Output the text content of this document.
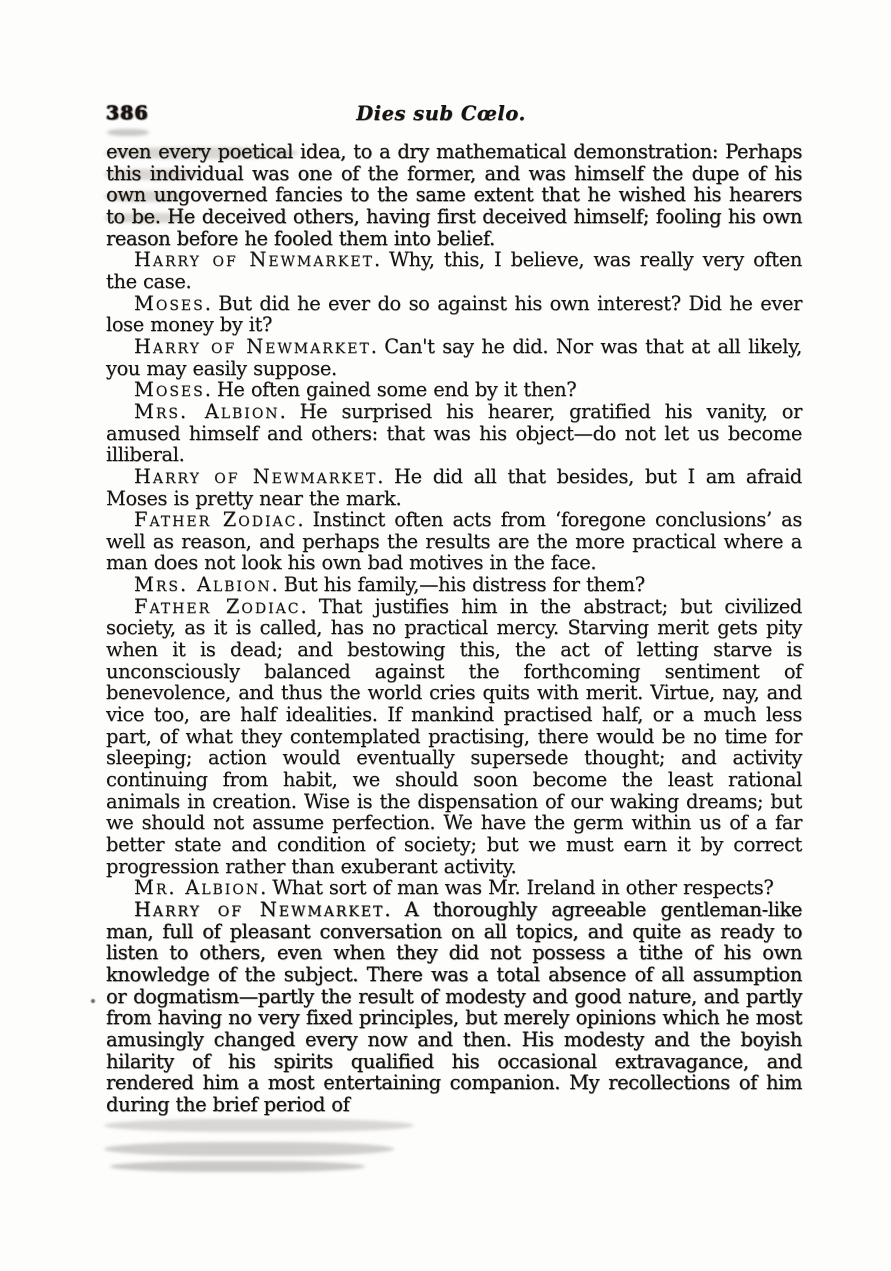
Dies sub Cœlo.
386

even every poetical idea, to a dry mathematical demonstration: Perhaps this individual was one of the former, and was himself the dupe of his own ungoverned fancies to the same extent that he wished his hearers to be. He deceived others, having first deceived himself; fooling his own reason before he fooled them into belief.

Harry of Newmarket. Why, this, I believe, was really very often the case.

Moses. But did he ever do so against his own interest? Did he ever lose money by it?

Harry of Newmarket. Can't say he did. Nor was that at all likely, you may easily suppose.

Moses. He often gained some end by it then?

Mrs. Albion. He surprised his hearer, gratified his vanity, or amused himself and others: that was his object—do not let us become illiberal.

Harry of Newmarket. He did all that besides, but I am afraid Moses is pretty near the mark.

Father Zodiac. Instinct often acts from ‘foregone conclusions’ as well as reason, and perhaps the results are the more practical where a man does not look his own bad motives in the face.

Mrs. Albion. But his family,—his distress for them?

Father Zodiac. That justifies him in the abstract; but civilized society, as it is called, has no practical mercy. Starving merit gets pity when it is dead; and bestowing this, the act of letting starve is unconsciously balanced against the forthcoming sentiment of benevolence, and thus the world cries quits with merit. Virtue, nay, and vice too, are half idealities. If mankind practised half, or a much less part, of what they contemplated practising, there would be no time for sleeping; action would eventually supersede thought; and activity continuing from habit, we should soon become the least rational animals in creation. Wise is the dispensation of our waking dreams; but we should not assume perfection. We have the germ within us of a far better state and condition of society; but we must earn it by correct progression rather than exuberant activity.

Mr. Albion. What sort of man was Mr. Ireland in other respects?

Harry of Newmarket. A thoroughly agreeable gentleman-like man, full of pleasant conversation on all topics, and quite as ready to listen to others, even when they did not possess a tithe of his own knowledge of the subject. There was a total absence of all assumption or dogmatism—partly the result of modesty and good nature, and partly from having no very fixed principles, but merely opinions which he most amusingly changed every now and then. His modesty and the boyish hilarity of his spirits qualified his occasional extravagance, and rendered him a most entertaining companion. My recollections of him during the brief period of
